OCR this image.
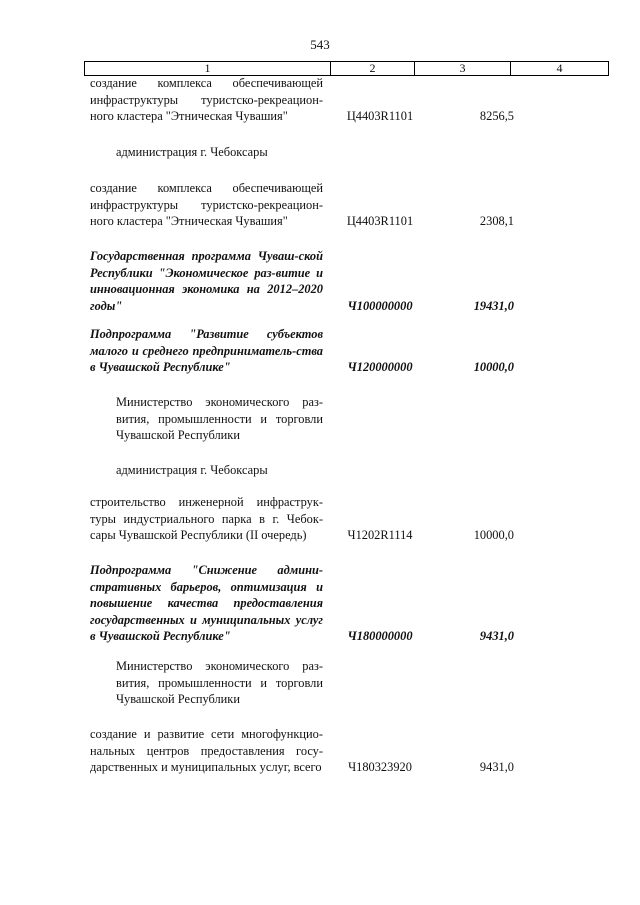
543
1	2	3	4
создание комплекса обеспечивающей инфраструктуры туристско-рекреацион-ного кластера "Этническая Чувашия"	Ц4403R1101	8256,5
администрация г. Чебоксары
создание комплекса обеспечивающей инфраструктуры туристско-рекреацион-ного кластера "Этническая Чувашия"	Ц4403R1101	2308,1
Государственная программа Чуваш-ской Республики "Экономическое раз-витие и инновационная экономика на 2012–2020 годы"	Ч100000000	19431,0
Подпрограмма "Развитие субъектов малого и среднего предприниматель-ства в Чувашской Республике"	Ч120000000	10000,0
Министерство экономического раз-вития, промышленности и торговли Чувашской Республики
администрация г. Чебоксары
строительство инженерной инфраструк-туры индустриального парка в г. Чебок-сары Чувашской Республики (II очередь)	Ч1202R1114	10000,0
Подпрограмма "Снижение админи-стративных барьеров, оптимизация и повышение качества предоставления государственных и муниципальных услуг в Чувашской Республике"	Ч180000000	9431,0
Министерство экономического раз-вития, промышленности и торговли Чувашской Республики
создание и развитие сети многофункцио-нальных центров предоставления госу-дарственных и муниципальных услуг, всего	Ч180323920	9431,0
